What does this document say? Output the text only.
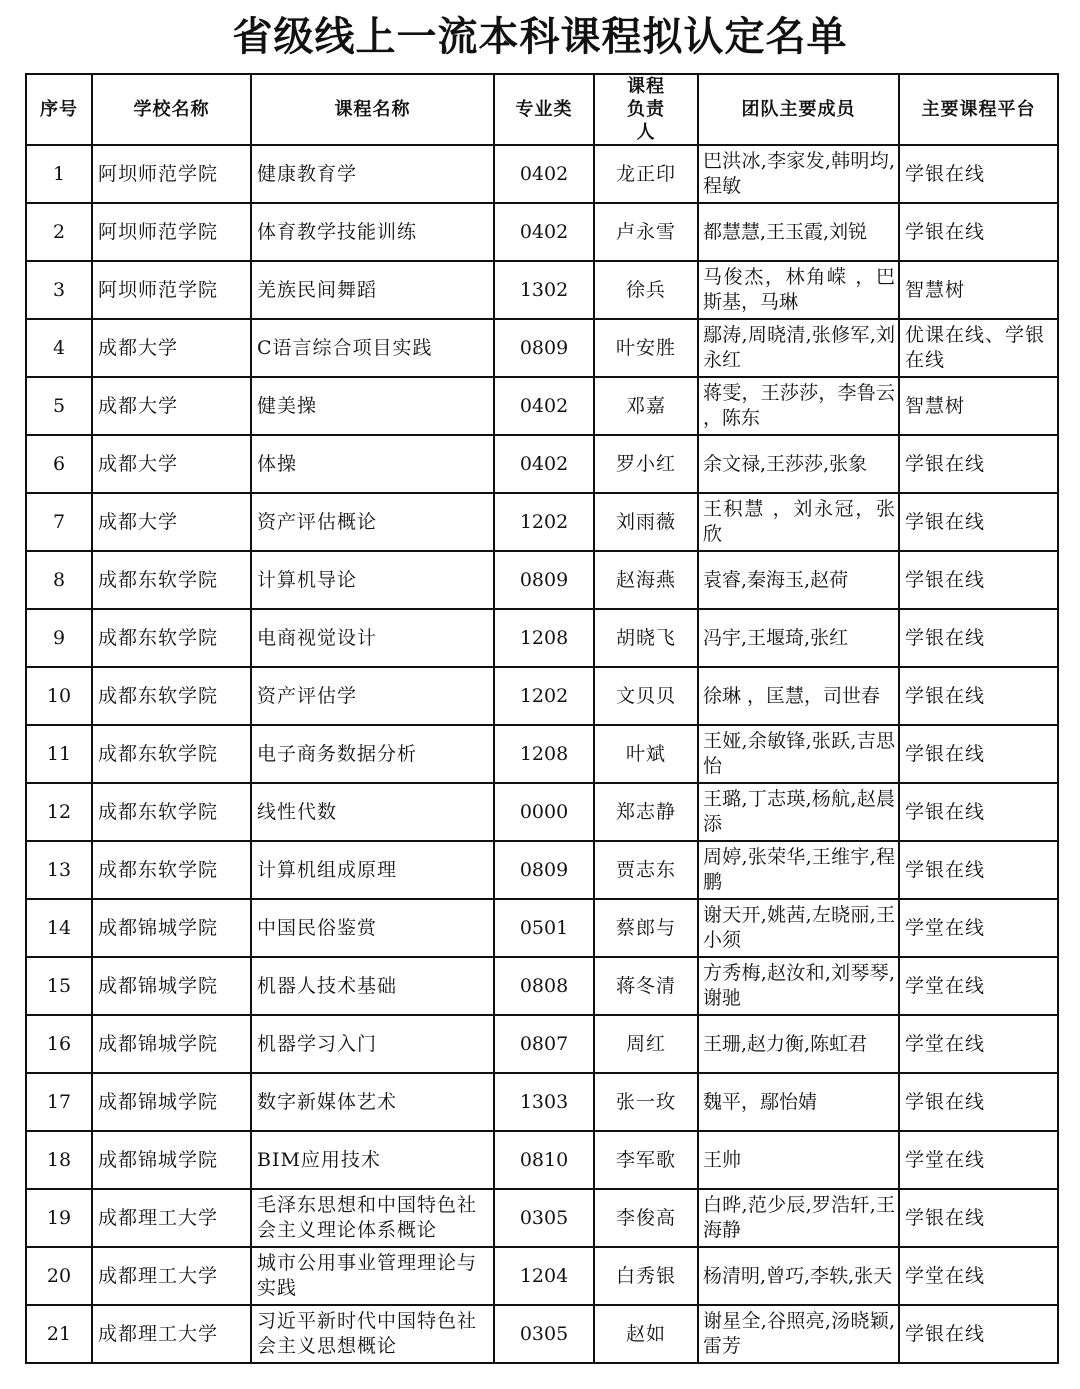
省级线上一流本科课程拟认定名单
序号	学校名称	课程名称	专业类	课程负责人	团队主要成员	主要课程平台
1	阿坝师范学院	健康教育学	0402	龙正印	巴洪冰,李家发,韩明均,程敏	学银在线
2	阿坝师范学院	体育教学技能训练	0402	卢永雪	都慧慧,王玉霞,刘锐	学银在线
3	阿坝师范学院	羌族民间舞蹈	1302	徐兵	马俊杰，林角嵘 ，巴斯基，马琳	智慧树
4	成都大学	C语言综合项目实践	0809	叶安胜	鄢涛,周晓清,张修军,刘永红	优课在线、学银在线
5	成都大学	健美操	0402	邓嘉	蒋雯，王莎莎，李鲁云 ，陈东	智慧树
6	成都大学	体操	0402	罗小红	余文禄,王莎莎,张象	学银在线
7	成都大学	资产评估概论	1202	刘雨薇	王积慧 ，刘永冠，张欣	学银在线
8	成都东软学院	计算机导论	0809	赵海燕	袁睿,秦海玉,赵荷	学银在线
9	成都东软学院	电商视觉设计	1208	胡晓飞	冯宇,王堰琦,张红	学银在线
10	成都东软学院	资产评估学	1202	文贝贝	徐琳 ，匡慧，司世春	学银在线
11	成都东软学院	电子商务数据分析	1208	叶斌	王娅,余敏锋,张跃,吉思怡	学银在线
12	成都东软学院	线性代数	0000	郑志静	王璐,丁志瑛,杨航,赵晨添	学银在线
13	成都东软学院	计算机组成原理	0809	贾志东	周婷,张荣华,王维宇,程鹏	学银在线
14	成都锦城学院	中国民俗鉴赏	0501	蔡郎与	谢天开,姚茜,左晓丽,王小须	学堂在线
15	成都锦城学院	机器人技术基础	0808	蒋冬清	方秀梅,赵汝和,刘琴琴,谢驰	学堂在线
16	成都锦城学院	机器学习入门	0807	周红	王珊,赵力衡,陈虹君	学堂在线
17	成都锦城学院	数字新媒体艺术	1303	张一玫	魏平，鄢怡婧	学银在线
18	成都锦城学院	BIM应用技术	0810	李军歌	王帅	学堂在线
19	成都理工大学	毛泽东思想和中国特色社会主义理论体系概论	0305	李俊高	白晔,范少辰,罗浩轩,王海静	学银在线
20	成都理工大学	城市公用事业管理理论与实践	1204	白秀银	杨清明,曾巧,李轶,张天	学堂在线
21	成都理工大学	习近平新时代中国特色社会主义思想概论	0305	赵如	谢星全,谷照亮,汤晓颖,雷芳	学银在线
